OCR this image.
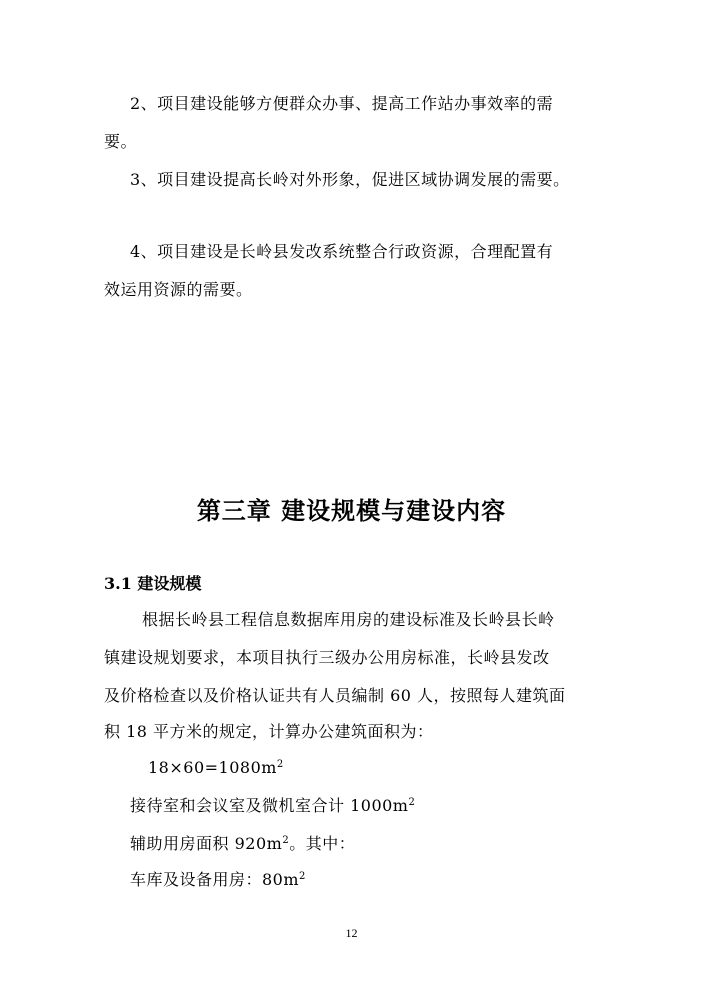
2、项目建设能够方便群众办事、提高工作站办事效率的需
要。
3、项目建设提高长岭对外形象，促进区域协调发展的需要。
4、项目建设是长岭县发改系统整合行政资源，合理配置有
效运用资源的需要。
第三章 建设规模与建设内容
3.1 建设规模
根据长岭县工程信息数据库用房的建设标准及长岭县长岭
镇建设规划要求，本项目执行三级办公用房标准，长岭县发改
及价格检查以及价格认证共有人员编制 60 人，按照每人建筑面
积 18 平方米的规定，计算办公建筑面积为：
$18\times 60=1080m^2$
接待室和会议室及微机室合计 $1000m^2$
辅助用房面积 $920m^2$。其中：
车库及设备用房：$80m^2$
12
